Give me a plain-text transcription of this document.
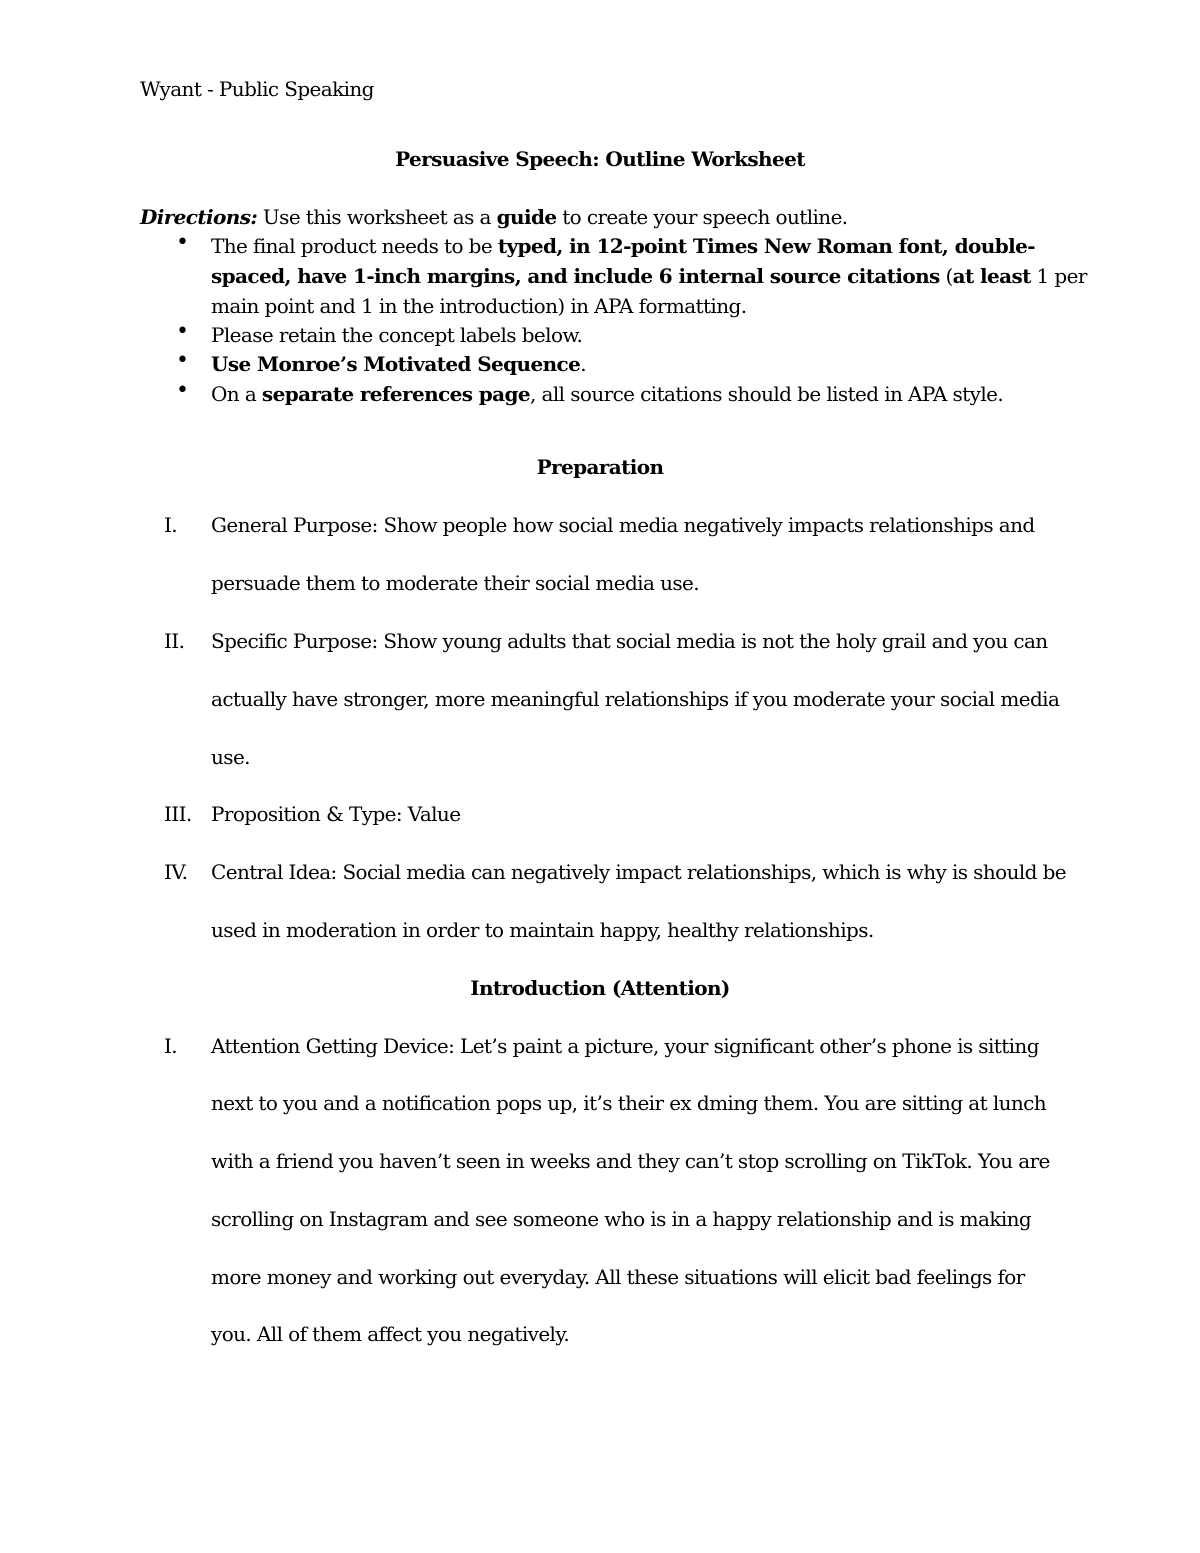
Wyant - Public Speaking
Persuasive Speech: Outline Worksheet
Directions: Use this worksheet as a guide to create your speech outline.
•
The final product needs to be typed, in 12-point Times New Roman font, double-
spaced, have 1-inch margins, and include 6 internal source citations (at least 1 per
main point and 1 in the introduction) in APA formatting.
•
Please retain the concept labels below.
•
Use Monroe’s Motivated Sequence.
•
On a separate references page, all source citations should be listed in APA style.
Preparation
I. General Purpose: Show people how social media negatively impacts relationships and
persuade them to moderate their social media use.
II. Specific Purpose: Show young adults that social media is not the holy grail and you can
actually have stronger, more meaningful relationships if you moderate your social media
use.
III. Proposition & Type: Value
IV. Central Idea: Social media can negatively impact relationships, which is why is should be
used in moderation in order to maintain happy, healthy relationships.
Introduction (Attention)
I. Attention Getting Device: Let’s paint a picture, your significant other’s phone is sitting
next to you and a notification pops up, it’s their ex dming them. You are sitting at lunch
with a friend you haven’t seen in weeks and they can’t stop scrolling on TikTok. You are
scrolling on Instagram and see someone who is in a happy relationship and is making
more money and working out everyday. All these situations will elicit bad feelings for
you. All of them affect you negatively.
